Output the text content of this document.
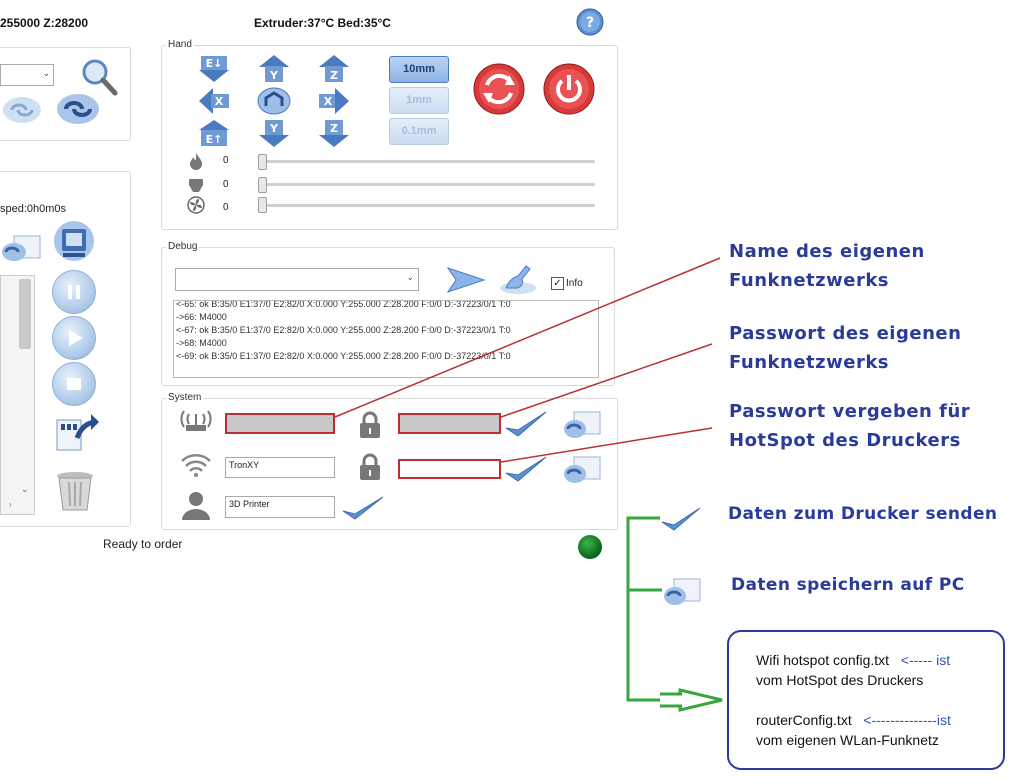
255000 Z:28200	Extruder:37°C Bed:35°C	?
⌄
sped:0h0m0s
⌄
›
Hand
E↓
X
E↑
Y
Y
Z
X
Z
10mm
1mm
0.1mm
0
0
0
Debug
⌄
✓ Info
<-65: ok B:35/0 E1:37/0 E2:82/0 X:0.000 Y:255.000 Z:28.200 F:0/0 D:-37223/0/1 T:0
->66: M4000
<-67: ok B:35/0 E1:37/0 E2:82/0 X:0.000 Y:255.000 Z:28.200 F:0/0 D:-37223/0/1 T:0
->68: M4000
<-69: ok B:35/0 E1:37/0 E2:82/0 X:0.000 Y:255.000 Z:28.200 F:0/0 D:-37223/0/1 T:0
System
TronXY
3D Printer
Ready to order
Name des eigenen
Funknetzwerks
Passwort des eigenen
Funknetzwerks
Passwort vergeben für
HotSpot des Druckers
Daten zum Drucker senden
Daten speichern auf PC
Wifi hotspot config.txt <----- ist
vom HotSpot des Druckers
routerConfig.txt <--------------ist
vom eigenen WLan-Funknetz
